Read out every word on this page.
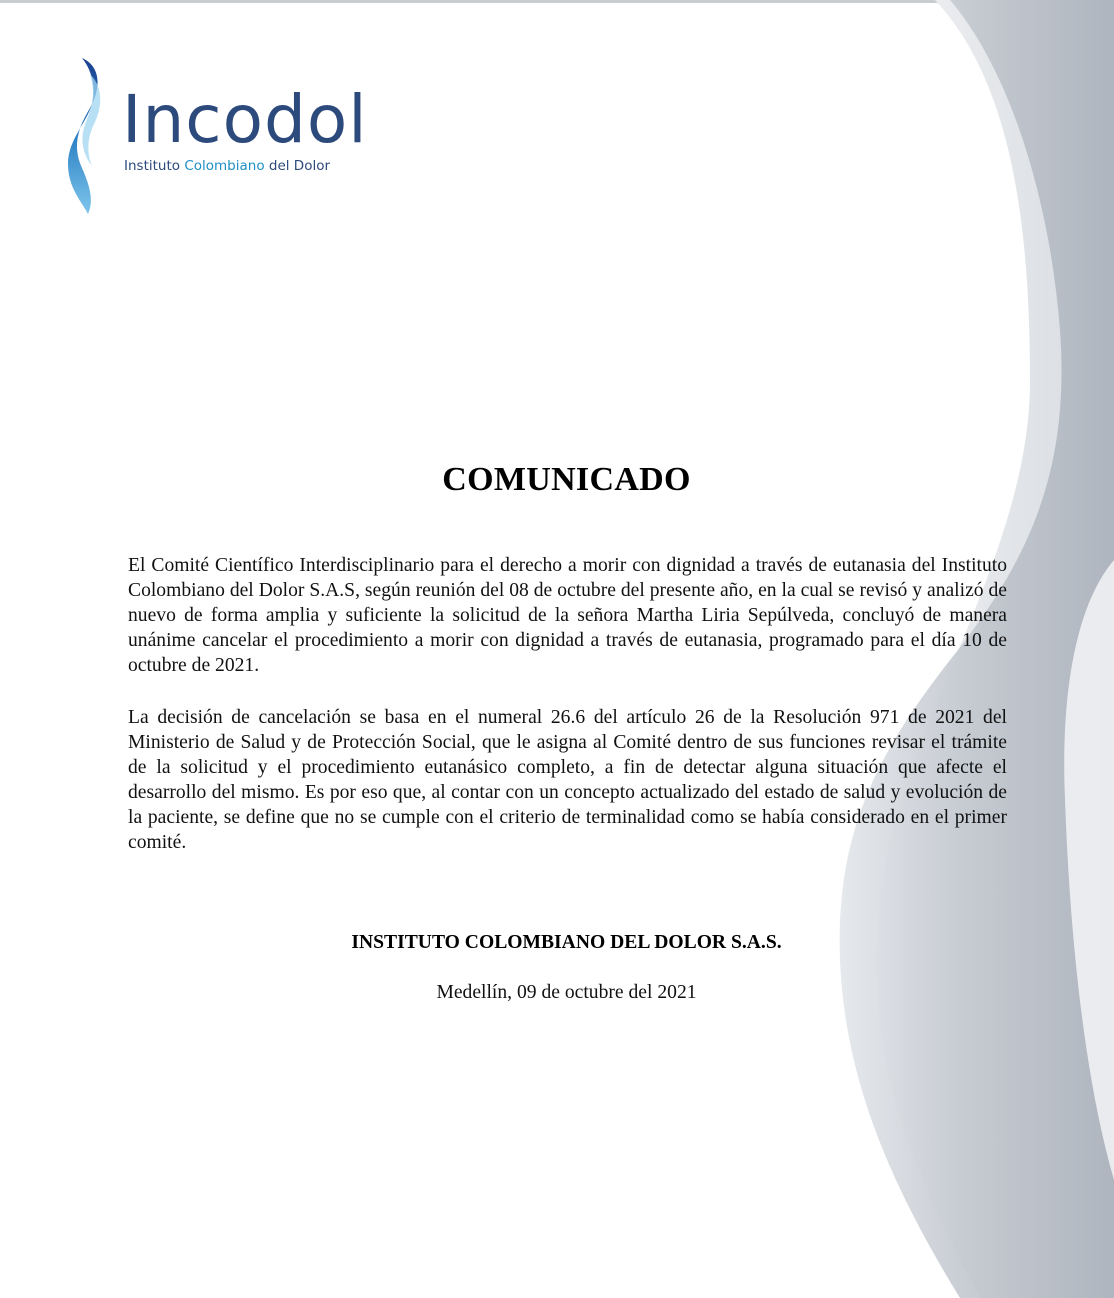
Incodol
Instituto Colombiano del Dolor
COMUNICADO

El Comité Científico Interdisciplinario para el derecho a morir con dignidad a través de eutanasia del Instituto Colombiano del Dolor S.A.S, según reunión del 08 de octubre del presente año, en la cual se revisó y analizó de nuevo de forma amplia y suficiente la solicitud de la señora Martha Liria Sepúlveda, concluyó de manera unánime cancelar el procedimiento a morir con dignidad a través de eutanasia, programado para el día 10 de octubre de 2021.

La decisión de cancelación se basa en el numeral 26.6 del artículo 26 de la Resolución 971 de 2021 del Ministerio de Salud y de Protección Social, que le asigna al Comité dentro de sus funciones revisar el trámite de la solicitud y el procedimiento eutanásico completo, a fin de detectar alguna situación que afecte el desarrollo del mismo. Es por eso que, al contar con un concepto actualizado del estado de salud y evolución de la paciente, se define que no se cumple con el criterio de terminalidad como se había considerado en el primer comité.

INSTITUTO COLOMBIANO DEL DOLOR S.A.S.
Medellín, 09 de octubre del 2021
